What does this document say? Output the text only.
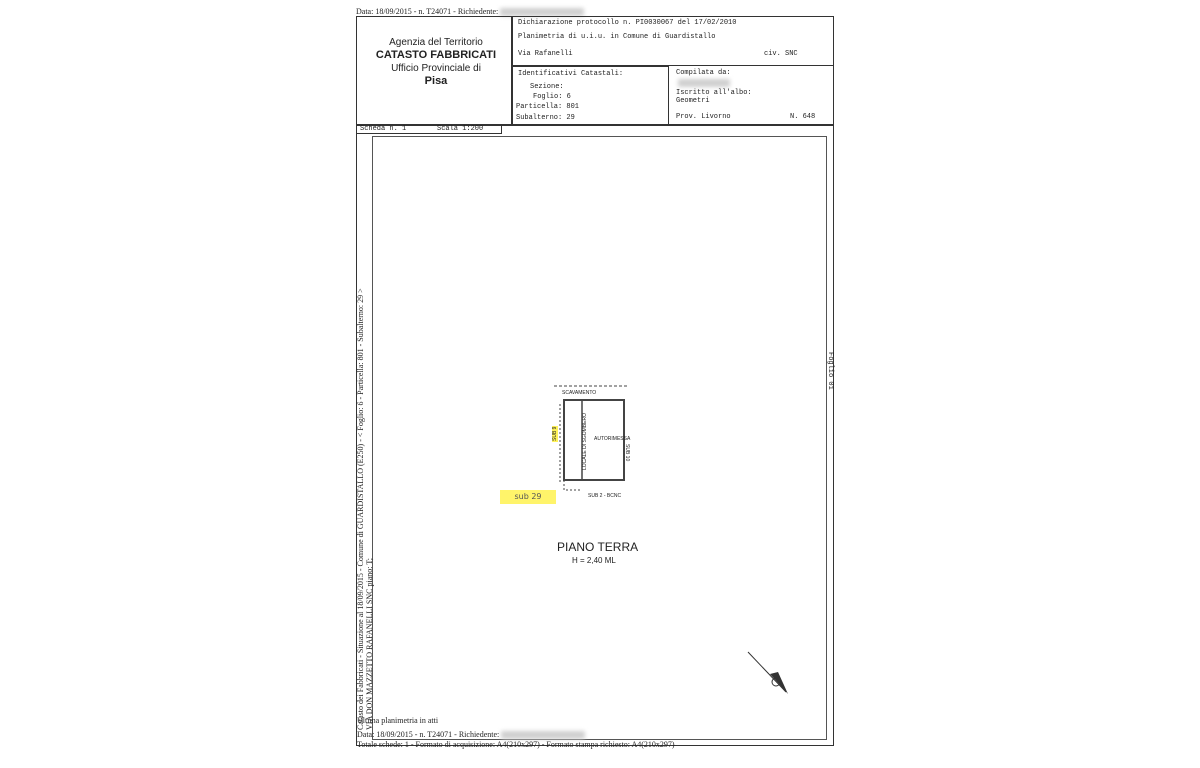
Data: 18/09/2015 - n. T24071 - Richiedente:
Agenzia del Territorio
CATASTO FABBRICATI
Ufficio Provinciale di
Pisa
Dichiarazione protocollo n. PI0030067 del 17/02/2010
Planimetria di u.i.u. in Comune di Guardistallo
Via Rafanelli	civ. SNC
Identificativi Catastali:
Sezione:
Foglio: 6
Particella: 801
Subalterno: 29
Compilata da:
Iscritto all'albo:
Geometri
Prov. Livorno	N. 648
Scheda n. 1	Scala 1:200
Catasto dei Fabbricati - Situazione al 18/09/2015 - Comune di GUARDISTALLO (E250) - < Foglio: 6 - Particella: 801 - Subalterno: 29 > VIA DON MAZZETTO RAFANELLI SNC piano: T;
Foglio 01
SCAVAMENTO
LOCALE DI SGOMBERO AUTORIMESSA
SUB 10
SUB 2 - BCNC
SUB 9
sub 29
PIANO TERRA
H = 2,40 ML
Ultima planimetria in atti
Data: 18/09/2015 - n. T24071 - Richiedente:
Totale schede: 1 - Formato di acquisizione: A4(210x297) - Formato stampa richiesto: A4(210x297)
